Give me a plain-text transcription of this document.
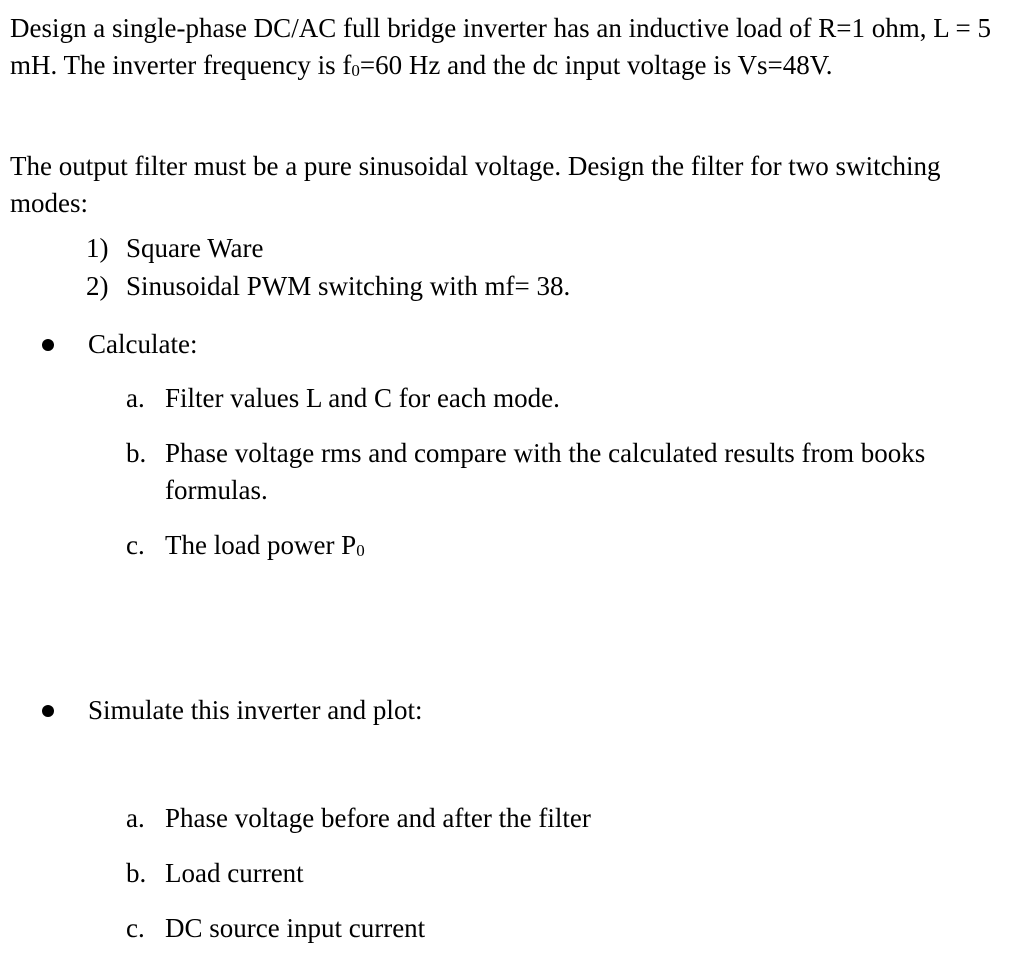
Design a single-phase DC/AC full bridge inverter has an inductive load of R=1 ohm, L = 5 mH. The inverter frequency is $f_0=60$ Hz and the dc input voltage is Vs=48V.

The output filter must be a pure sinusoidal voltage. Design the filter for two switching modes:

1) Square Ware
2) Sinusoidal PWM switching with mf= 38.
Calculate:
a. Filter values L and C for each mode.
b. Phase voltage rms and compare with the calculated results from books formulas.
c. The load power $P_0$
Simulate this inverter and plot:
a. Phase voltage before and after the filter
b. Load current
c. DC source input current
